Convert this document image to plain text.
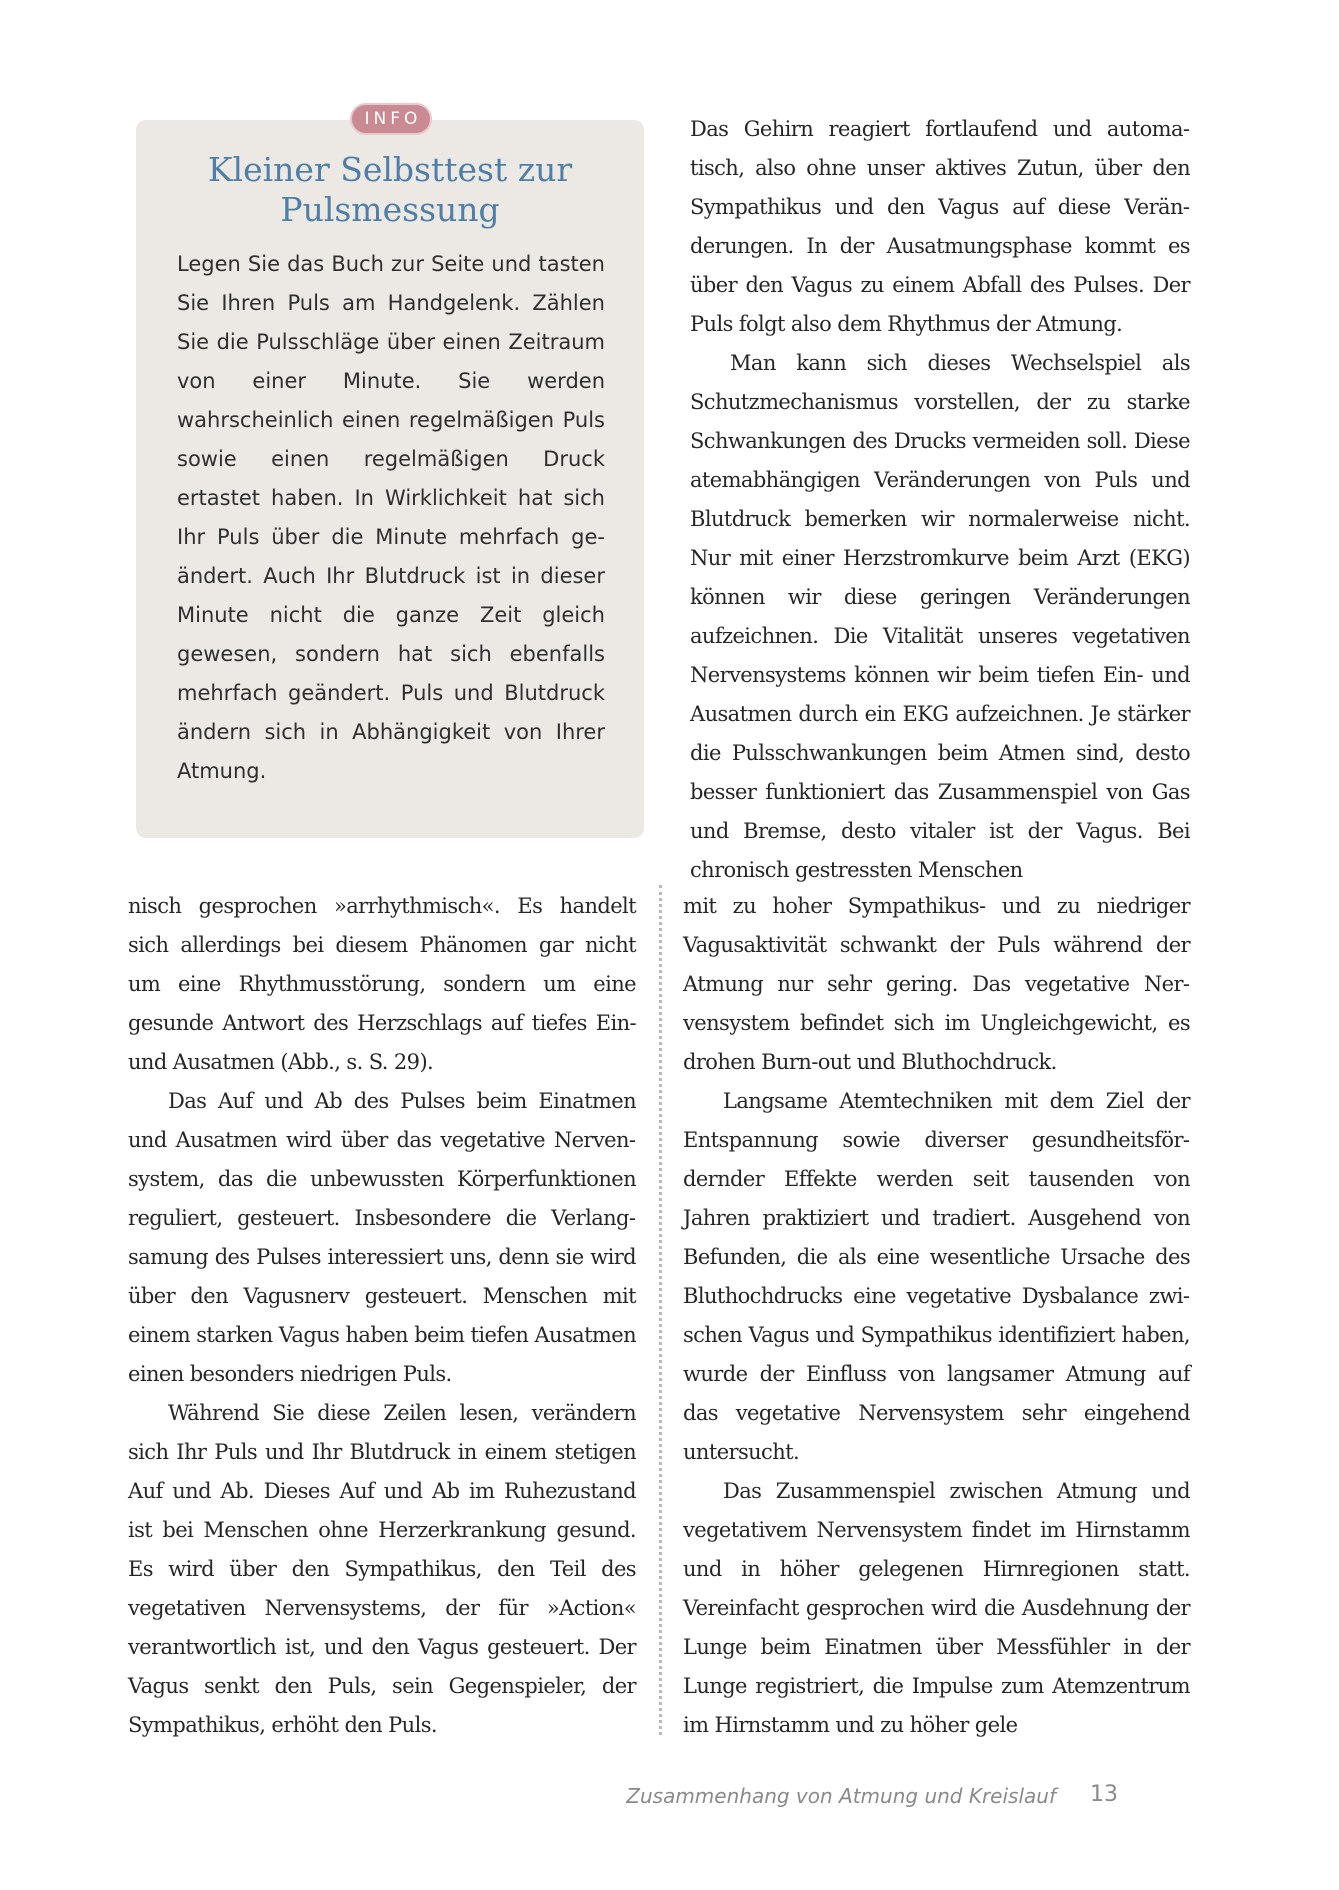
INFO
Kleiner Selbsttest zur
Pulsmessung

Legen Sie das Buch zur Seite und tasten Sie Ihren Puls am Handgelenk. Zählen Sie die Pulsschläge über einen Zeitraum von einer Minute. Sie werden wahrscheinlich einen regelmäßigen Puls sowie einen regelmäßigen Druck ertastet haben. In Wirklichkeit hat sich Ihr Puls über die Minute mehrfach geändert. Auch Ihr Blutdruck ist in dieser Minute nicht die ganze Zeit gleich gewesen, sondern hat sich ebenfalls mehrfach geändert. Puls und Blutdruck ändern sich in Abhängigkeit von Ihrer Atmung.

Das Gehirn reagiert fortlaufend und automatisch, also ohne unser aktives Zutun, über den Sympathikus und den Vagus auf diese Veränderungen. In der Ausatmungsphase kommt es über den Vagus zu einem Abfall des Pulses. Der Puls folgt also dem Rhythmus der Atmung.

Man kann sich dieses Wechselspiel als Schutzmechanismus vorstellen, der zu starke Schwankungen des Drucks vermeiden soll. Diese atemabhängigen Veränderungen von Puls und Blutdruck bemerken wir normalerweise nicht. Nur mit einer Herzstromkurve beim Arzt (EKG) können wir diese geringen Veränderungen aufzeichnen. Die Vitalität unseres vegetativen Nervensystems können wir beim tiefen Ein- und Ausatmen durch ein EKG aufzeichnen. Je stärker die Pulsschwankungen beim Atmen sind, desto besser funktioniert das Zusammenspiel von Gas und Bremse, desto vitaler ist der Vagus. Bei chronisch gestressten Menschen

nisch gesprochen »arrhythmisch«. Es handelt sich allerdings bei diesem Phänomen gar nicht um eine Rhythmusstörung, sondern um eine gesunde Antwort des Herzschlags auf tiefes Ein- und Ausatmen (Abb., s. S. 29).

Das Auf und Ab des Pulses beim Einatmen und Ausatmen wird über das vegetative Nervensystem, das die unbewussten Körperfunktionen reguliert, gesteuert. Insbesondere die Verlangsamung des Pulses interessiert uns, denn sie wird über den Vagusnerv gesteuert. Menschen mit einem starken Vagus haben beim tiefen Ausatmen einen besonders niedrigen Puls.

Während Sie diese Zeilen lesen, verändern sich Ihr Puls und Ihr Blutdruck in einem stetigen Auf und Ab. Dieses Auf und Ab im Ruhezustand ist bei Menschen ohne Herzerkrankung gesund. Es wird über den Sympathikus, den Teil des vegetativen Nervensystems, der für »Action« verantwortlich ist, und den Vagus gesteuert. Der Vagus senkt den Puls, sein Gegenspieler, der Sympathikus, erhöht den Puls.

mit zu hoher Sympathikus- und zu niedriger Vagusaktivität schwankt der Puls während der Atmung nur sehr gering. Das vegetative Nervensystem befindet sich im Ungleichgewicht, es drohen Burn-out und Bluthochdruck.

Langsame Atemtechniken mit dem Ziel der Entspannung sowie diverser gesundheitsfördernder Effekte werden seit tausenden von Jahren praktiziert und tradiert. Ausgehend von Befunden, die als eine wesentliche Ursache des Bluthochdrucks eine vegetative Dysbalance zwischen Vagus und Sympathikus identifiziert haben, wurde der Einfluss von langsamer Atmung auf das vegetative Nervensystem sehr eingehend untersucht.

Das Zusammenspiel zwischen Atmung und vegetativem Nervensystem findet im Hirnstamm und in höher gelegenen Hirnregionen statt. Vereinfacht gesprochen wird die Ausdehnung der Lunge beim Einatmen über Messfühler in der Lunge registriert, die Impulse zum Atemzentrum im Hirnstamm und zu höher gele

Zusammenhang von Atmung und Kreislauf 13
